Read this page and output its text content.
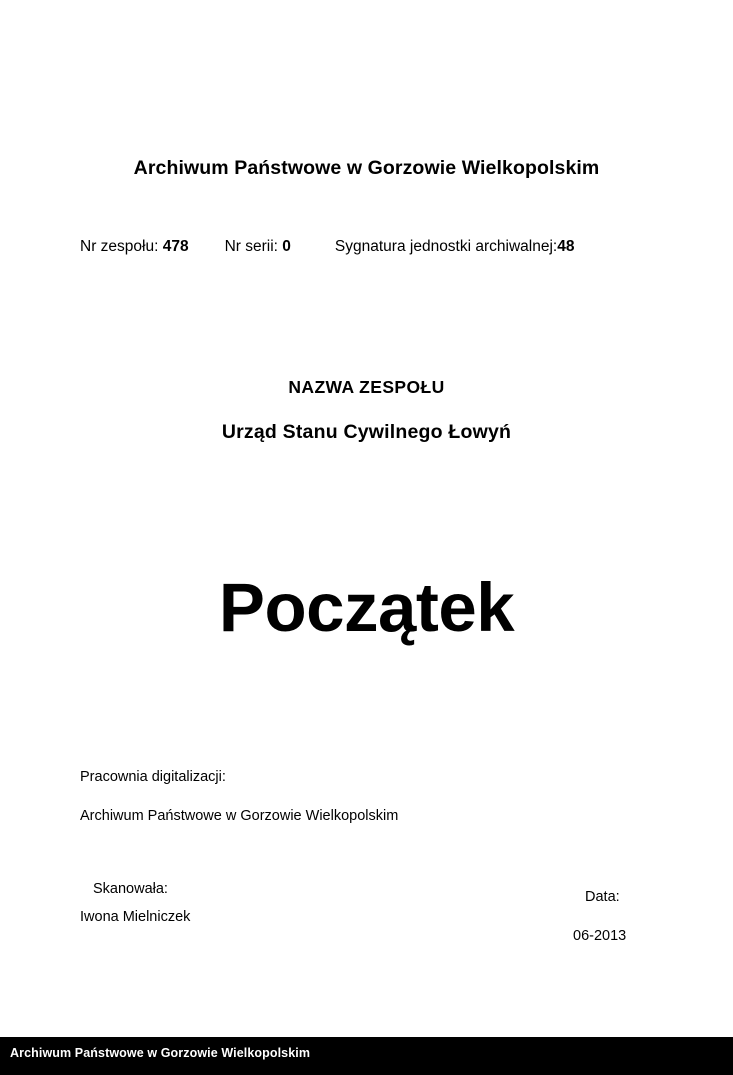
Archiwum Państwowe w Gorzowie Wielkopolskim
Nr zespołu: 478 Nr serii: 0	Sygnatura jednostki archiwalnej:48
NAZWA ZESPOŁU
Urząd Stanu Cywilnego Łowyń
Początek
Pracownia digitalizacji:
Archiwum Państwowe w Gorzowie Wielkopolskim
Skanowała:
Iwona Mielniczek
Data:
06-2013
Archiwum Państwowe w Gorzowie Wielkopolskim
